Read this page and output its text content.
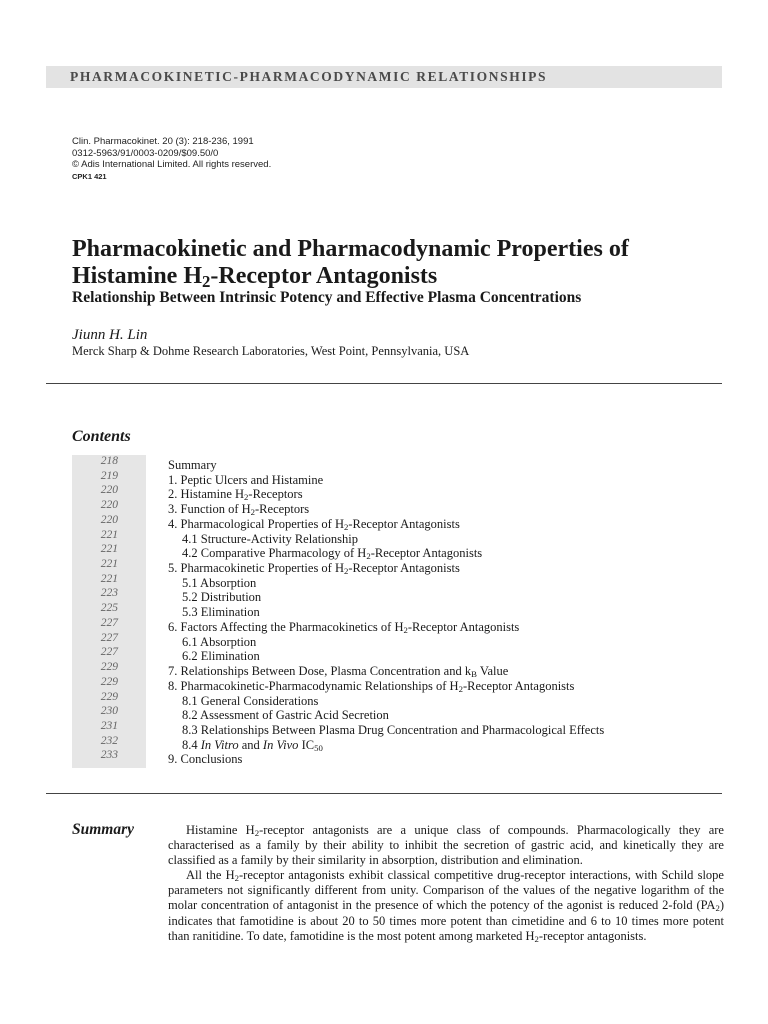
PHARMACOKINETIC-PHARMACODYNAMIC RELATIONSHIPS
Clin. Pharmacokinet. 20 (3): 218-236, 1991
0312-5963/91/0003-0209/$09.50/0
© Adis International Limited. All rights reserved.
CPK1 421
Pharmacokinetic and Pharmacodynamic Properties of
Histamine $H_2$-Receptor Antagonists
Relationship Between Intrinsic Potency and Effective Plasma Concentrations
Jiunn H. Lin
Merck Sharp & Dohme Research Laboratories, West Point, Pennsylvania, USA
Contents
218
219
220
220
220
221
221
221
221
223
225
227
227
227
229
229
229
230
231
232
233
Summary
1. Peptic Ulcers and Histamine
2. Histamine $H_2$-Receptors
3. Function of $H_2$-Receptors
4. Pharmacological Properties of $H_2$-Receptor Antagonists
4.1 Structure-Activity Relationship
4.2 Comparative Pharmacology of $H_2$-Receptor Antagonists
5. Pharmacokinetic Properties of $H_2$-Receptor Antagonists
5.1 Absorption
5.2 Distribution
5.3 Elimination
6. Factors Affecting the Pharmacokinetics of $H_2$-Receptor Antagonists
6.1 Absorption
6.2 Elimination
7. Relationships Between Dose, Plasma Concentration and $k_B$ Value
8. Pharmacokinetic-Pharmacodynamic Relationships of $H_2$-Receptor Antagonists
8.1 General Considerations
8.2 Assessment of Gastric Acid Secretion
8.3 Relationships Between Plasma Drug Concentration and Pharmacological Effects
8.4 In Vitro and In Vivo $IC_{50}$
9. Conclusions
Summary	Histamine $H_2$-receptor antagonists are a unique class of compounds. Pharmacologically they are characterised as a family by their ability to inhibit the secretion of gastric acid, and kinetically they are classified as a family by their similarity in absorption, distribution and elimination.

All the $H_2$-receptor antagonists exhibit classical competitive drug-receptor interactions, with Schild slope parameters not significantly different from unity. Comparison of the values of the negative logarithm of the molar concentration of antagonist in the presence of which the potency of the agonist is reduced 2-fold $(PA_2)$ indicates that famotidine is about 20 to 50 times more potent than cimetidine and 6 to 10 times more potent than ranitidine. To date, famotidine is the most potent among marketed $H_2$-receptor antagonists.
